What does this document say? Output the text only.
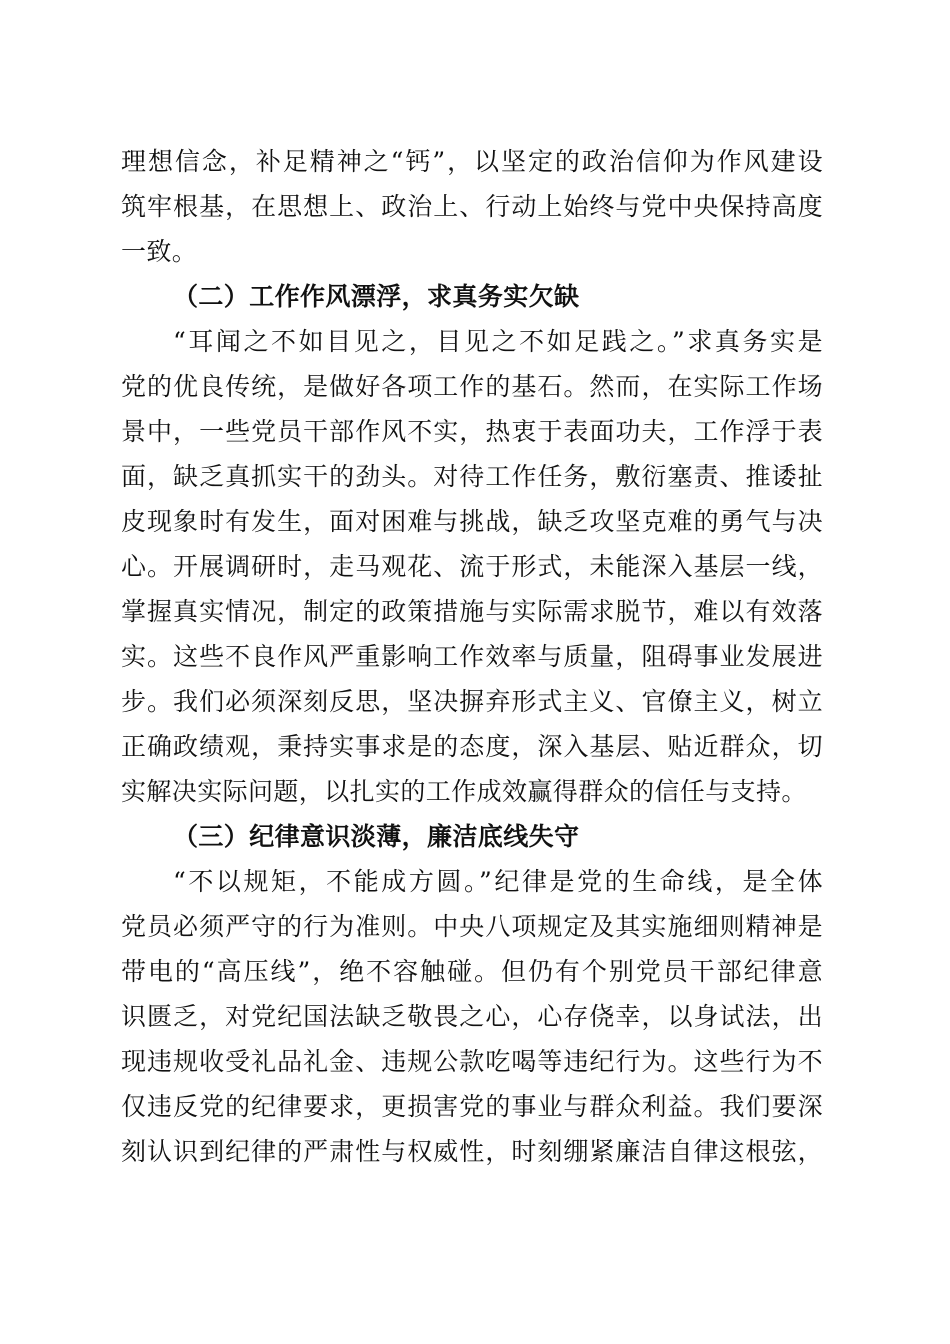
理想信念，补足精神之“钙”，以坚定的政治信仰为作风建设
筑牢根基，在思想上、政治上、行动上始终与党中央保持高度
一致。
（二）工作作风漂浮，求真务实欠缺
“耳闻之不如目见之，目见之不如足践之。”求真务实是
党的优良传统，是做好各项工作的基石。然而，在实际工作场
景中，一些党员干部作风不实，热衷于表面功夫，工作浮于表
面，缺乏真抓实干的劲头。对待工作任务，敷衍塞责、推诿扯
皮现象时有发生，面对困难与挑战，缺乏攻坚克难的勇气与决
心。开展调研时，走马观花、流于形式，未能深入基层一线，
掌握真实情况，制定的政策措施与实际需求脱节，难以有效落
实。这些不良作风严重影响工作效率与质量，阻碍事业发展进
步。我们必须深刻反思，坚决摒弃形式主义、官僚主义，树立
正确政绩观，秉持实事求是的态度，深入基层、贴近群众，切
实解决实际问题，以扎实的工作成效赢得群众的信任与支持。
（三）纪律意识淡薄，廉洁底线失守
“不以规矩，不能成方圆。”纪律是党的生命线，是全体
党员必须严守的行为准则。中央八项规定及其实施细则精神是
带电的“高压线”，绝不容触碰。但仍有个别党员干部纪律意
识匮乏，对党纪国法缺乏敬畏之心，心存侥幸，以身试法，出
现违规收受礼品礼金、违规公款吃喝等违纪行为。这些行为不
仅违反党的纪律要求，更损害党的事业与群众利益。我们要深
刻认识到纪律的严肃性与权威性，时刻绷紧廉洁自律这根弦，
